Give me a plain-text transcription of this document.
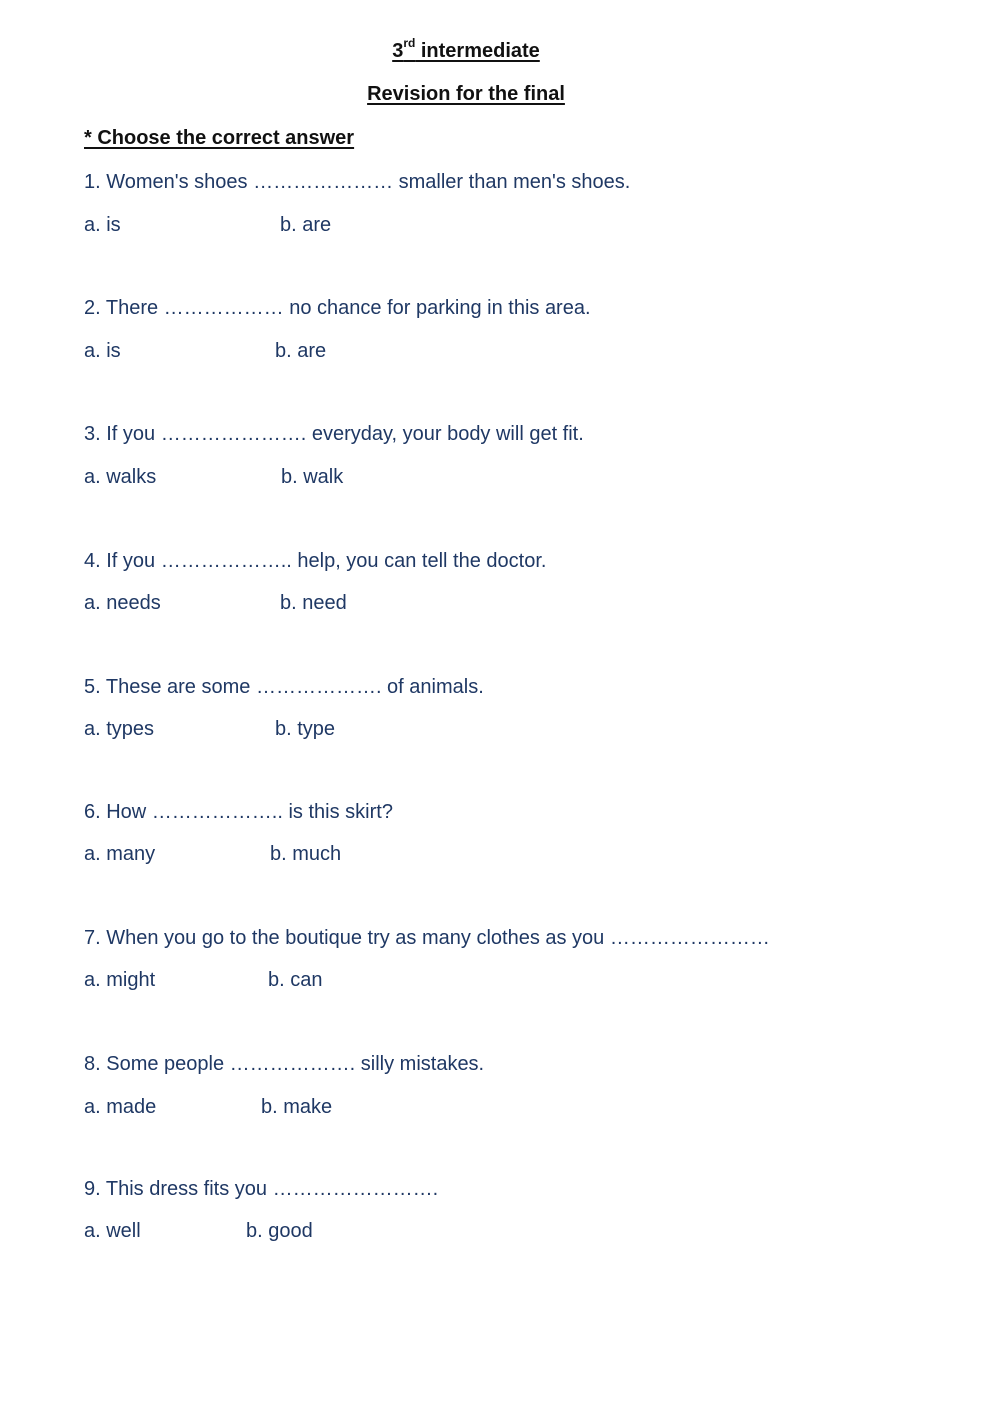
3rd intermediate
Revision for the final
* Choose the correct answer
1. Women's shoes ………………… smaller than men's shoes.
a. is	b. are
2. There ……………… no chance for parking in this area.
a. is	b. are
3. If you …………………. everyday, your body will get fit.
a. walks	b. walk
4. If you ……………….. help, you can tell the doctor.
a. needs	b. need
5. These are some ………………. of animals.
a. types	b. type
6. How ……………….. is this skirt?
a. many	b. much
7. When you go to the boutique try as many clothes as you ……………………
a. might	b. can
8. Some people ………………. silly mistakes.
a. made	b. make
9. This dress fits you …………………….
a. well	b. good
